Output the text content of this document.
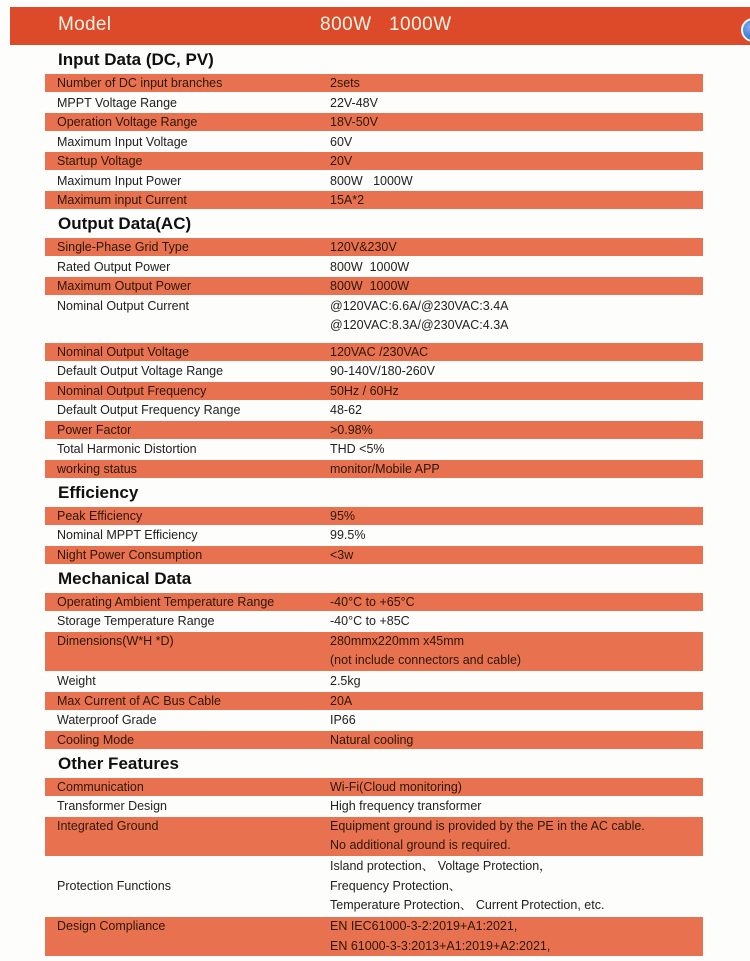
Model	800W   1000W
Input Data (DC, PV)
Number of DC input branches	2sets
MPPT Voltage Range	22V-48V
Operation Voltage Range	18V-50V
Maximum Input Voltage	60V
Startup Voltage	20V
Maximum Input Power	800W   1000W
Maximum input Current	15A*2
Output Data(AC)
Single-Phase Grid Type	120V&230V
Rated Output Power	800W  1000W
Maximum Output Power	800W  1000W
Nominal Output Current	@120VAC:6.6A/@230VAC:3.4A
@120VAC:8.3A/@230VAC:4.3A
Nominal Output Voltage	120VAC /230VAC
Default Output Voltage Range	90-140V/180-260V
Nominal Output Frequency	50Hz / 60Hz
Default Output Frequency Range	48-62
Power Factor	>0.98%
Total Harmonic Distortion	THD <5%
working status	monitor/Mobile APP
Efficiency
Peak Efficiency	95%
Nominal MPPT Efficiency	99.5%
Night Power Consumption	<3w
Mechanical Data
Operating Ambient Temperature Range	-40°C to +65°C
Storage Temperature Range	-40°C to +85C
Dimensions(W*H *D)	280mmx220mm x45mm
(not include connectors and cable)
Weight	2.5kg
Max Current of AC Bus Cable	20A
Waterproof Grade	IP66
Cooling Mode	Natural cooling
Other Features
Communication	Wi-Fi(Cloud monitoring)
Transformer Design	High frequency transformer
Integrated Ground	Equipment ground is provided by the PE in the AC cable.
No additional ground is required.
Protection Functions
Island protection、 Voltage Protection，
Frequency Protection、
Temperature Protection、 Current Protection, etc.
Design Compliance	EN IEC61000-3-2:2019+A1:2021,
EN 61000-3-3:2013+A1:2019+A2:2021,
